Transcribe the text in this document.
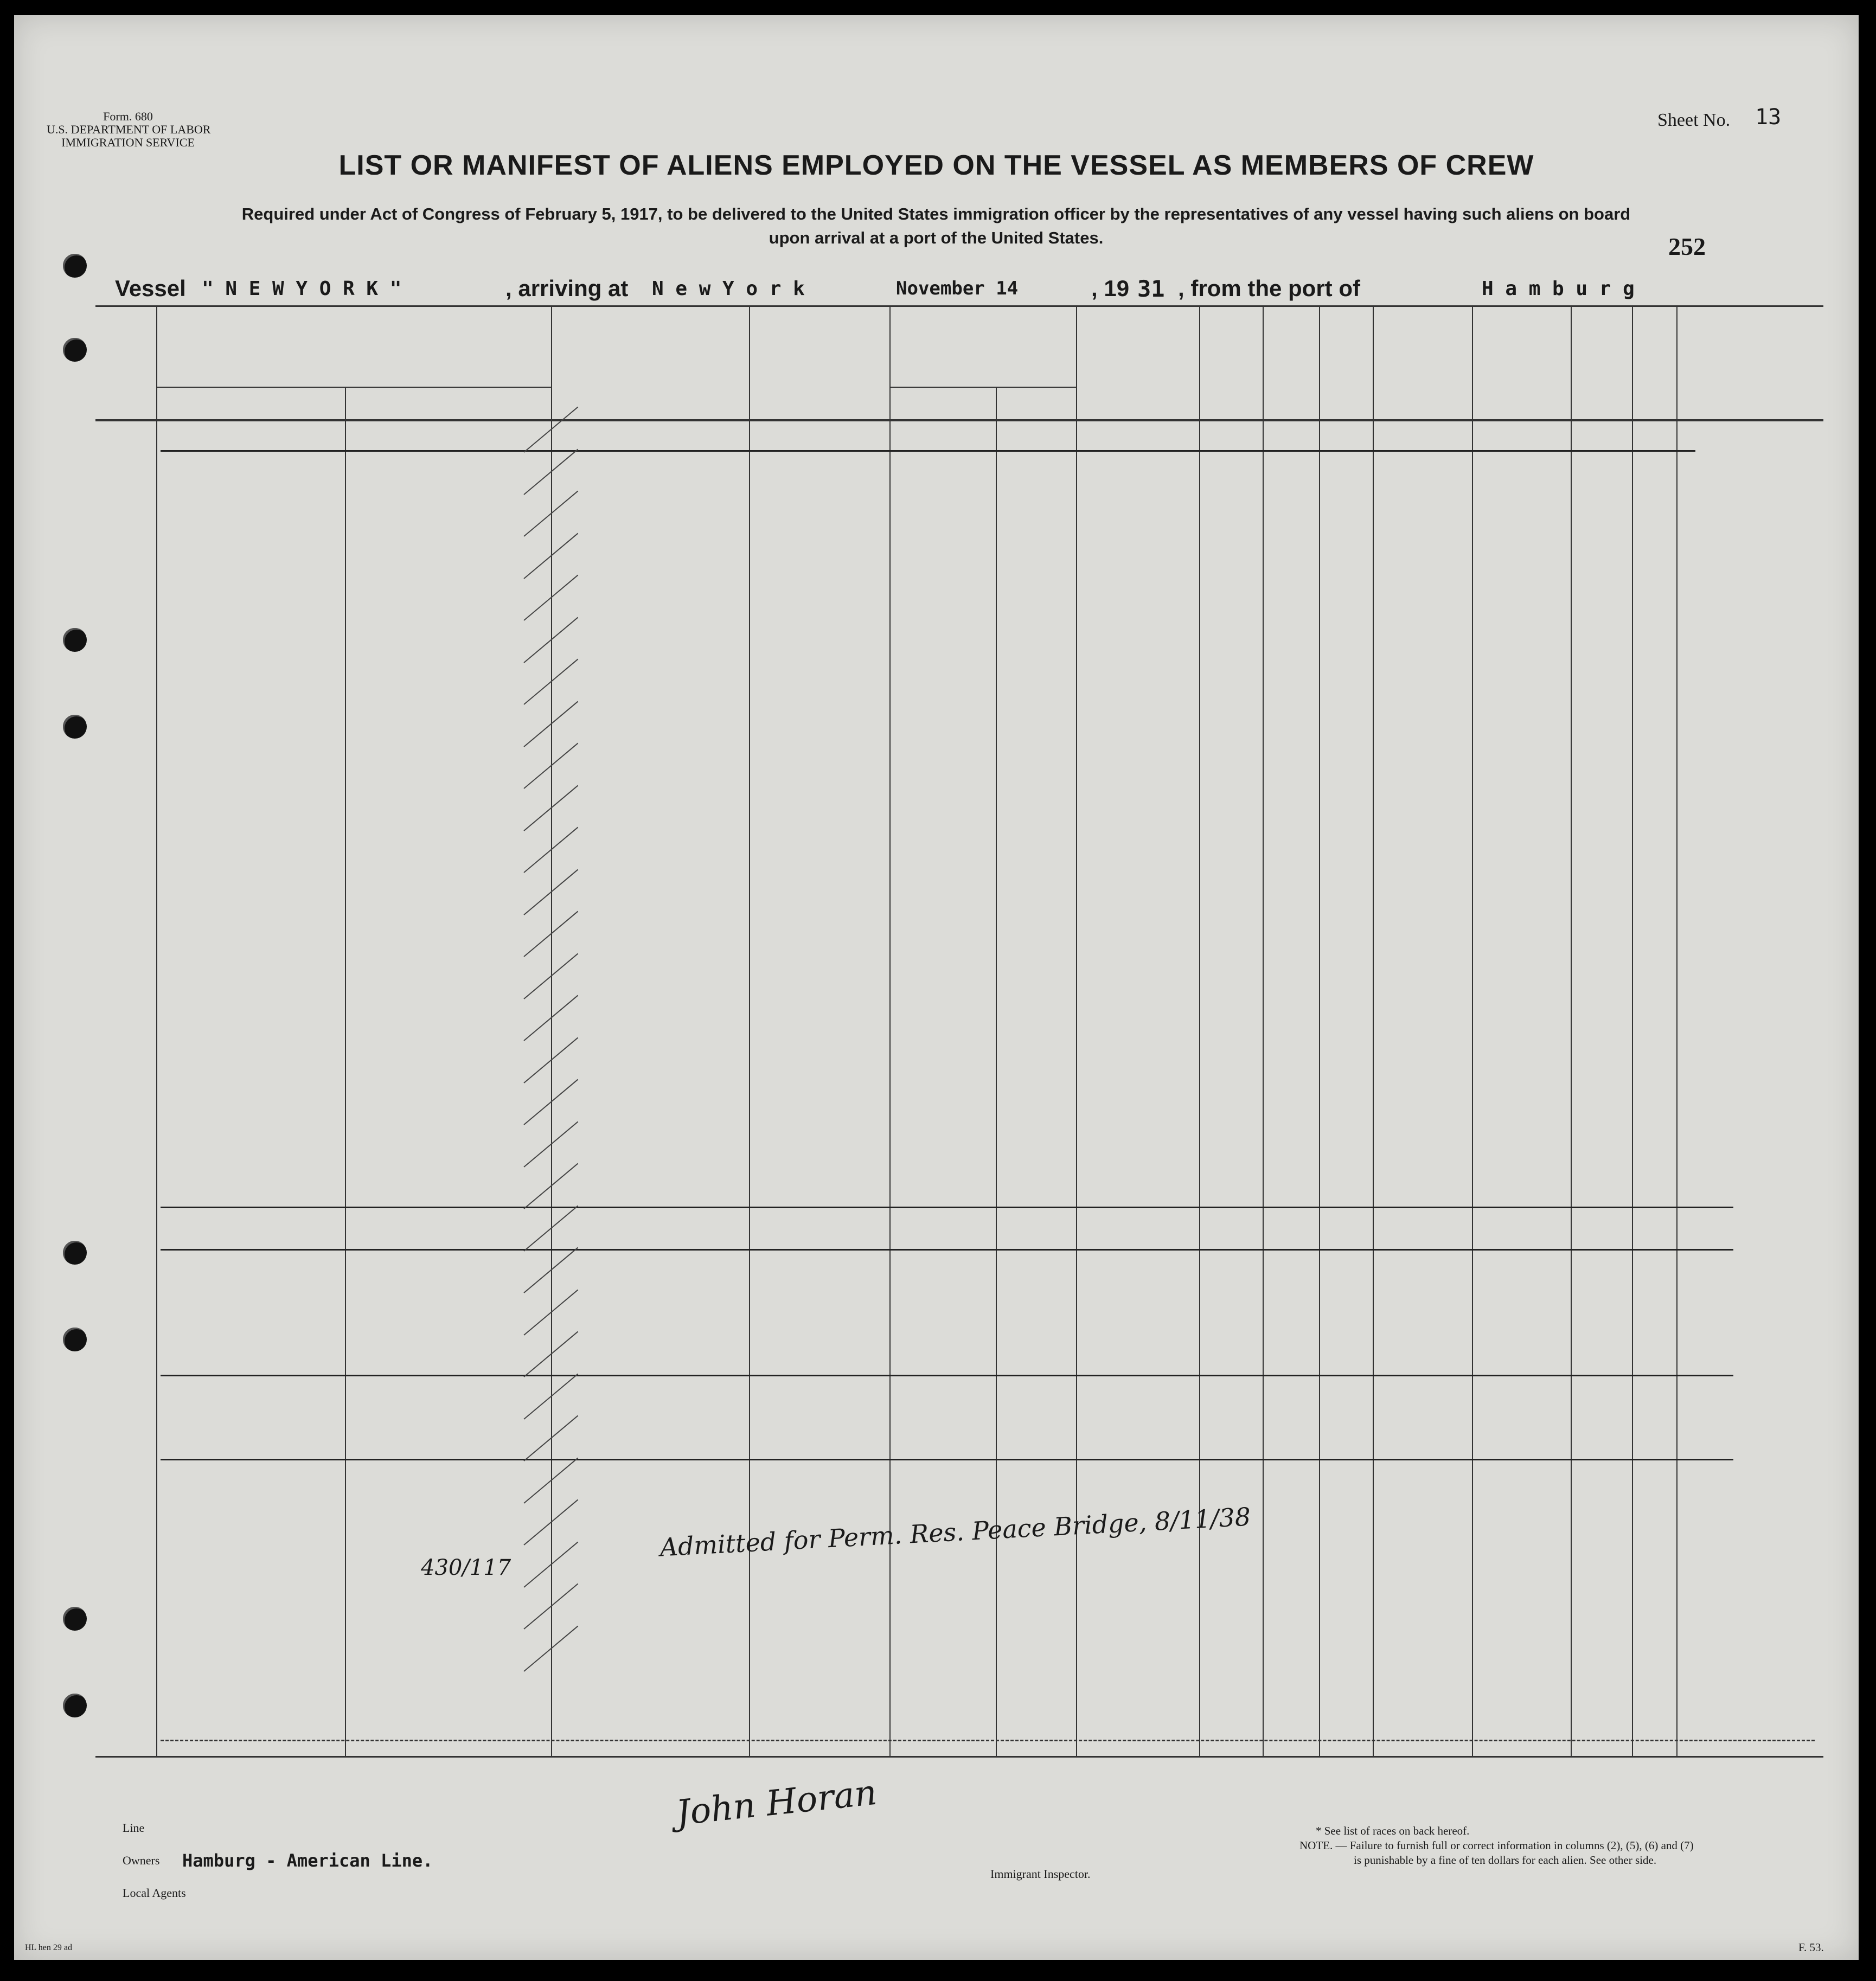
Form. 680
U.S. DEPARTMENT OF LABOR
IMMIGRATION SERVICE
Sheet No. 13
LIST OR MANIFEST OF ALIENS EMPLOYED ON THE VESSEL AS MEMBERS OF CREW
Required under Act of Congress of February 5, 1917, to be delivered to the United States immigration officer by the representatives of any vessel having such aliens on board
upon arrival at a port of the United States.	252
Vessel " N E W Y O R K "	, arriving at N e w Y o r k	November 14	, 19 31 , from the port of	H a m b u r g
Admitted for Perm. Res. Peace Bridge, 8/11/38
430/117
John Horan
Line
Owners Hamburg - American Line.
Local Agents
Immigrant Inspector.
* See list of races on back hereof.
NOTE. — Failure to furnish full or correct information in columns (2), (5), (6) and (7)
is punishable by a fine of ten dollars for each alien. See other side.
F. 53.
HL hen 29 ad
